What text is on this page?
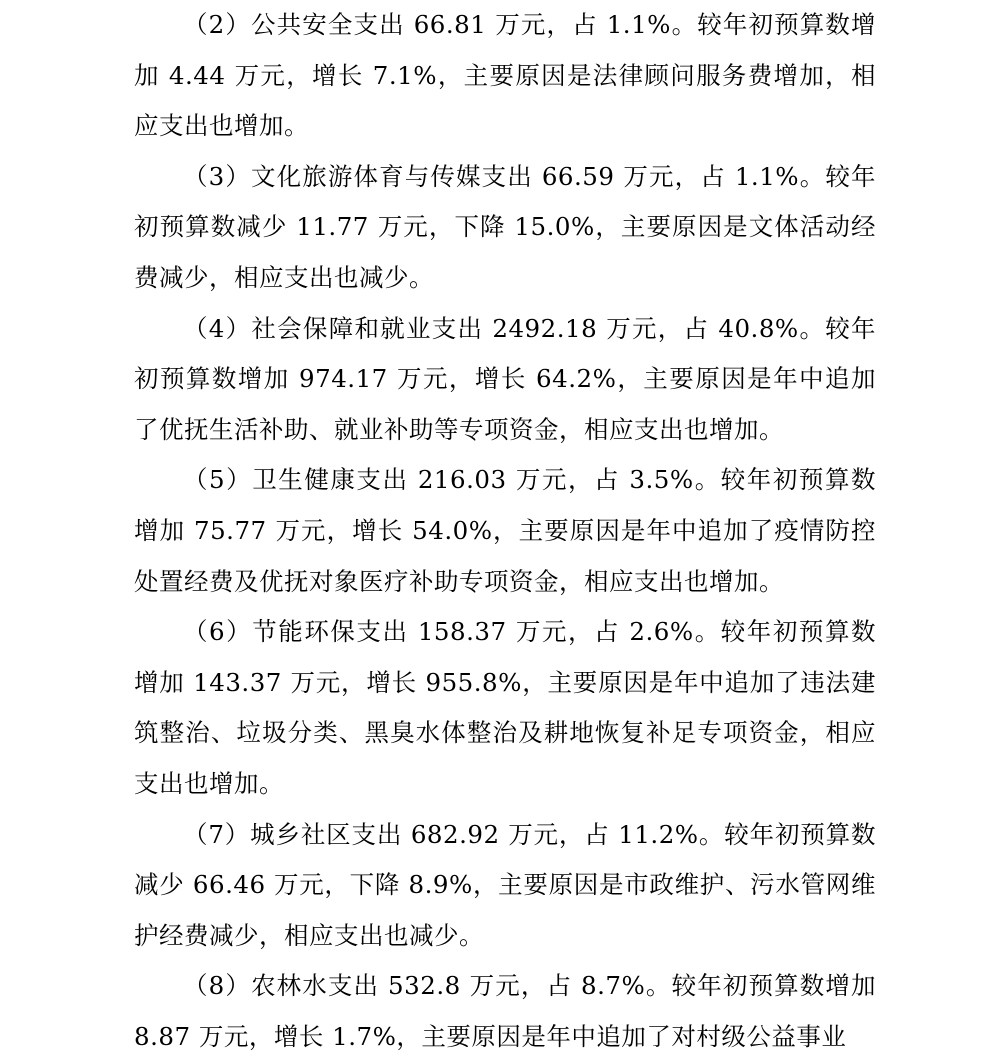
（2）公共安全支出 66.81 万元，占 1.1%。较年初预算数增加 4.44 万元，增长 7.1%，主要原因是法律顾问服务费增加，相应支出也增加。

（3）文化旅游体育与传媒支出 66.59 万元，占 1.1%。较年初预算数减少 11.77 万元，下降 15.0%，主要原因是文体活动经费减少，相应支出也减少。

（4）社会保障和就业支出 2492.18 万元，占 40.8%。较年初预算数增加 974.17 万元，增长 64.2%，主要原因是年中追加了优抚生活补助、就业补助等专项资金，相应支出也增加。

（5）卫生健康支出 216.03 万元，占 3.5%。较年初预算数增加 75.77 万元，增长 54.0%，主要原因是年中追加了疫情防控处置经费及优抚对象医疗补助专项资金，相应支出也增加。

（6）节能环保支出 158.37 万元，占 2.6%。较年初预算数增加 143.37 万元，增长 955.8%，主要原因是年中追加了违法建筑整治、垃圾分类、黑臭水体整治及耕地恢复补足专项资金，相应支出也增加。

（7）城乡社区支出 682.92 万元，占 11.2%。较年初预算数减少 66.46 万元，下降 8.9%，主要原因是市政维护、污水管网维护经费减少，相应支出也减少。

（8）农林水支出 532.8 万元，占 8.7%。较年初预算数增加 8.87 万元，增长 1.7%，主要原因是年中追加了对村级公益事业
